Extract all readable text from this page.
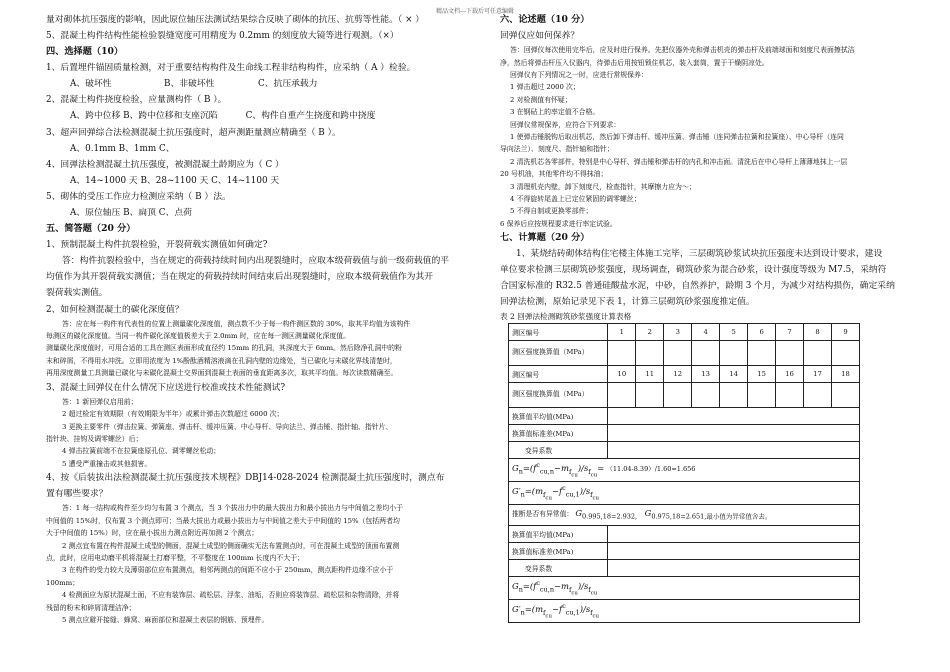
精品文档---下载后可任意编辑
量对砌体抗压强度的影响，因此原位轴压法测试结果综合反映了砌体的抗压、抗剪等性能。（ × ）
5、混凝土构件结构性能检验裂缝宽度可用精度为 0.2mm 的刻度放大镜等进行观测。（×）
四、选择题（10）
1、后置埋件锚固质量检测，对于重要结构构件及生命线工程非结构构件，应采纳（ A ）检验。
A、破坏性	B、非破坏性	C、抗压承载力
2、混凝土构件挠度检验，应量测构件（ B ）。
A、跨中位移 B、跨中位移和支座沉陷	C、构件自重产生挠度和跨中挠度
3、超声回弹综合法检测混凝土抗压强度时，超声测距量测应精确至（ B ）。
A、0.1mm B、1mm C、
4、回弹法检测混凝土抗压强度，被测混凝土龄期应为（ C ）
A、14~1000 天 B、28~1100 天 C、14~1100 天
5、砌体的受压工作应力检测应采纳（ B ）法。
A、原位轴压 B、扁顶 C、点荷
五、简答题（20 分）
1、预制混凝土构件抗裂检验，开裂荷载实测值如何确定?
答：构件抗裂检验中，当在规定的荷载持续时间内出现裂缝时，应取本级荷载值与前一级荷载值的平
均值作为其开裂荷载实测值；当在规定的荷载持续时间结束后出现裂缝时，应取本级荷载值作为其开
裂荷载实测值。
2、如何检测混凝土的碳化深度值？
答：应在每一构件有代表性的位置上测量碳化深度值，测点数不少于每一构件测区数的 30%，取其平均值为该构件
每测区的碳化深度值。当同一构件碳化深度值极差大于 2.0mm 时，应在每一测区测量碳化深度值。
测量碳化深度值时，可用合适的工具在测区表面形成直径约 15mm 的孔洞，其深度大于 6mm。然后除净孔洞中的粉
末和碎屑，不得用水冲洗。立即用浓度为 1%酚酞酒精溶液滴在孔洞内壁的边缘处，当已碳化与未碳化界线清楚时，
再用深度测量工具测量已碳化与未碳化混凝土交界面到混凝土表面的垂直距离多次，取其平均值。每次读数精确至。
3、混凝土回弹仪在什么情况下应送进行校准或技术性能测试?
答：1 新回弹仪启用前；
2 超过检定有效期限（有效期限为半年）或累计弹击次数超过 6000 次；
3 更换主要零件（弹击拉簧、弹簧座、弹击杆、缓冲压簧、中心导杆、导向法兰、弹击锤、指针轴、指针片、
指针块、挂钩及调零螺丝）后；
4 弹击拉簧前端不在拉簧座原孔位、调零螺丝松动；
5 遭受严重撞击或其他损害。
4、按《后装拔出法检测混凝土抗压强度技术规程》DBJ14-028-2024 检测混凝土抗压强度时，测点布
置有哪些要求？
答：1 每一结构或构件至少均匀布置 3 个测点，当 3 个拔出力中的最大拔出力和最小拔出力与中间值之差均小于
中间值的 15%时，仅布置 3 个测点即可；当最大拔出力或最小拔出力与中间值之差大于中间值的 15%（包括两者均
大于中间值的 15%）时，应在最小拔出力测点附近再加测 2 个测点；
2 测点宜布置在构件混凝土成型的侧面，混凝土成型的侧面确实无法布置测点时，可在混凝土成型的顶面布置测
点，此时，应用电动磨平机将混凝土打磨平整，不平整度在 100mm 长度内不大于；
3 在构件的受力较大及薄弱部位应布置测点，相邻两测点的间距不应小于 250mm，测点距构件边缘不应小于
100mm；
4 检测面应为原状混凝土面，不应有装饰层、疏松层、浮浆、油垢，否则应将装饰层、疏松层和杂物清除，并将
残留的粉末和碎屑清理洁净；
5 测点应避开接缝、蜂窝、麻面部位和混凝土表层的钢筋、预埋件。
六、论述题（10 分）
回弹仪应如何保养？
答：回弹仪每次使用完毕后，应及时进行保养。先把仪器外壳和弹击机壳的弹击杆及前端球面和刻度尺表面擦拭洁
净，然后将弹击杆压入仪器内，待弹击后用按钮锁住机芯，装入套筒，置于干燥阴凉处。
回弹仪有下列情况之一时，应进行常规保养：
1 弹击超过 2000 次；
2 对检测值有怀疑；
3 在钢砧上的率定值不合格。
回弹仪常规保养，应符合下列要求：
1 使弹击锤脱钩后取出机芯，然后卸下弹击杆、缓冲压簧、弹击锤（连同弹击拉簧和拉簧座）、中心导杆（连同
导向法兰）、刻度尺、指针轴和指针；
2 清洗机芯各零部件，特别是中心导杆、弹击锤和弹击杆的内孔和冲击面。清洗后在中心导杆上薄薄地抹上一层
20 号机油，其他零件均不得抹油；
3 清理机壳内壁，卸下刻度尺，检查指针，其摩擦力应为～；
4 不得旋转尾盖上已定位紧固的调零螺丝；
5 不得自制或更换零部件；
6 保养后应按规程要求进行率定试验。
七、计算题（20 分）
1、某烧结砖砌体结构住宅楼主体施工完毕，三层砌筑砂浆试块抗压强度未达到设计要求，建设
单位要求检测三层砌筑砂浆强度，现场调查，砌筑砂浆为混合砂浆，设计强度等级为 M7.5，采纳符
合国家标准的 R32.5 普通硅酸盐水泥，中砂，自然养护，龄期 3 个月，为减少对结构损伤，确定采纳
回弹法检测，原始记录见下表 1，计算三层砌筑砂浆强度推定值。
表 2 回弹法检测砌筑砂浆强度计算表格
测区编号	1	2	3	4	5	6	7	8	9
测区强度换算值（MPa）									
测区编号	10	11	12	13	14	15	16	17	18
测区强度换算值（MPa）									
换算值平均值(MPa)									
换算值标准差(MPa)									
变异系数									
$G_n=(f^c_{cu,n}-m_{f_{cu}})/s_{f_{cu}}= (11.04-8.39)/1.60=1.656$									
$G'_n=(m_{f_{cu}}-f^c_{cu,1})/s_{f_{cu}}$
推断是否有异常值： G0.995,18=2.932,   G0.975,18=2.651,最小值为异常值舍去。									
换算值平均值(MPa)									
换算值标准差(MPa)									
变异系数									
$G_n=(f^c_{cu,n}-m_{f_{cu}})/s_{f_{cu}}$
$G'_n=(m_{f_{cu}}-f^c_{cu,1})/s_{f_{cu}}$
